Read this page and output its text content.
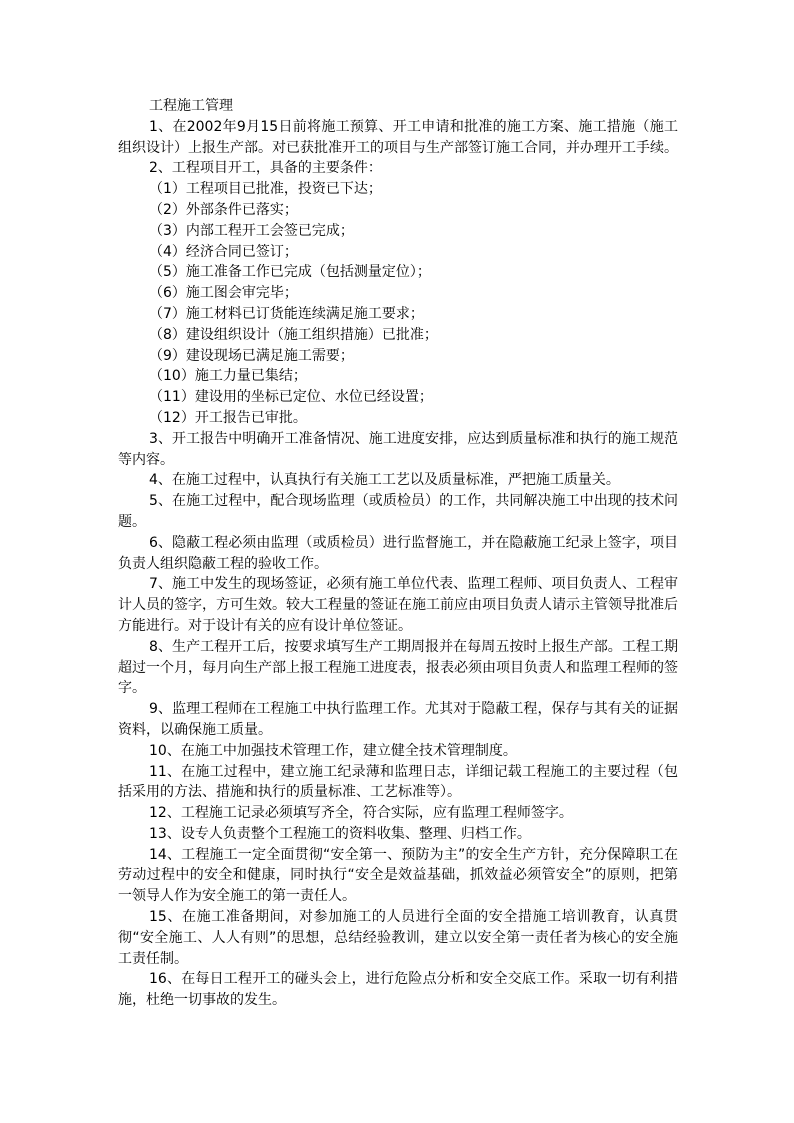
工程施工管理
1、在2002年9月15日前将施工预算、开工申请和批准的施工方案、施工措施（施工组织设计）上报生产部。对已获批准开工的项目与生产部签订施工合同，并办理开工手续。
2、工程项目开工，具备的主要条件：
（1）工程项目已批准，投资已下达；
（2）外部条件已落实；
（3）内部工程开工会签已完成；
（4）经济合同已签订；
（5）施工准备工作已完成（包括测量定位）；
（6）施工图会审完毕；
（7）施工材料已订货能连续满足施工要求；
（8）建设组织设计（施工组织措施）已批准；
（9）建设现场已满足施工需要；
（10）施工力量已集结；
（11）建设用的坐标已定位、水位已经设置；
（12）开工报告已审批。
3、开工报告中明确开工准备情况、施工进度安排，应达到质量标准和执行的施工规范等内容。
4、在施工过程中，认真执行有关施工工艺以及质量标准，严把施工质量关。
5、在施工过程中，配合现场监理（或质检员）的工作，共同解决施工中出现的技术问题。
6、隐蔽工程必须由监理（或质检员）进行监督施工，并在隐蔽施工纪录上签字，项目负责人组织隐蔽工程的验收工作。
7、施工中发生的现场签证，必须有施工单位代表、监理工程师、项目负责人、工程审计人员的签字，方可生效。较大工程量的签证在施工前应由项目负责人请示主管领导批准后方能进行。对于设计有关的应有设计单位签证。
8、生产工程开工后，按要求填写生产工期周报并在每周五按时上报生产部。工程工期超过一个月，每月向生产部上报工程施工进度表，报表必须由项目负责人和监理工程师的签字。
9、监理工程师在工程施工中执行监理工作。尤其对于隐蔽工程，保存与其有关的证据资料，以确保施工质量。
10、在施工中加强技术管理工作，建立健全技术管理制度。
11、在施工过程中，建立施工纪录薄和监理日志，详细记载工程施工的主要过程（包括采用的方法、措施和执行的质量标准、工艺标准等）。
12、工程施工记录必须填写齐全，符合实际，应有监理工程师签字。
13、设专人负责整个工程施工的资料收集、整理、归档工作。
14、工程施工一定全面贯彻“安全第一、预防为主”的安全生产方针，充分保障职工在劳动过程中的安全和健康，同时执行“安全是效益基础，抓效益必须管安全”的原则，把第一领导人作为安全施工的第一责任人。
15、在施工准备期间，对参加施工的人员进行全面的安全措施工培训教育，认真贯彻“安全施工、人人有则”的思想，总结经验教训，建立以安全第一责任者为核心的安全施工责任制。
16、在每日工程开工的碰头会上，进行危险点分析和安全交底工作。采取一切有利措施，杜绝一切事故的发生。
